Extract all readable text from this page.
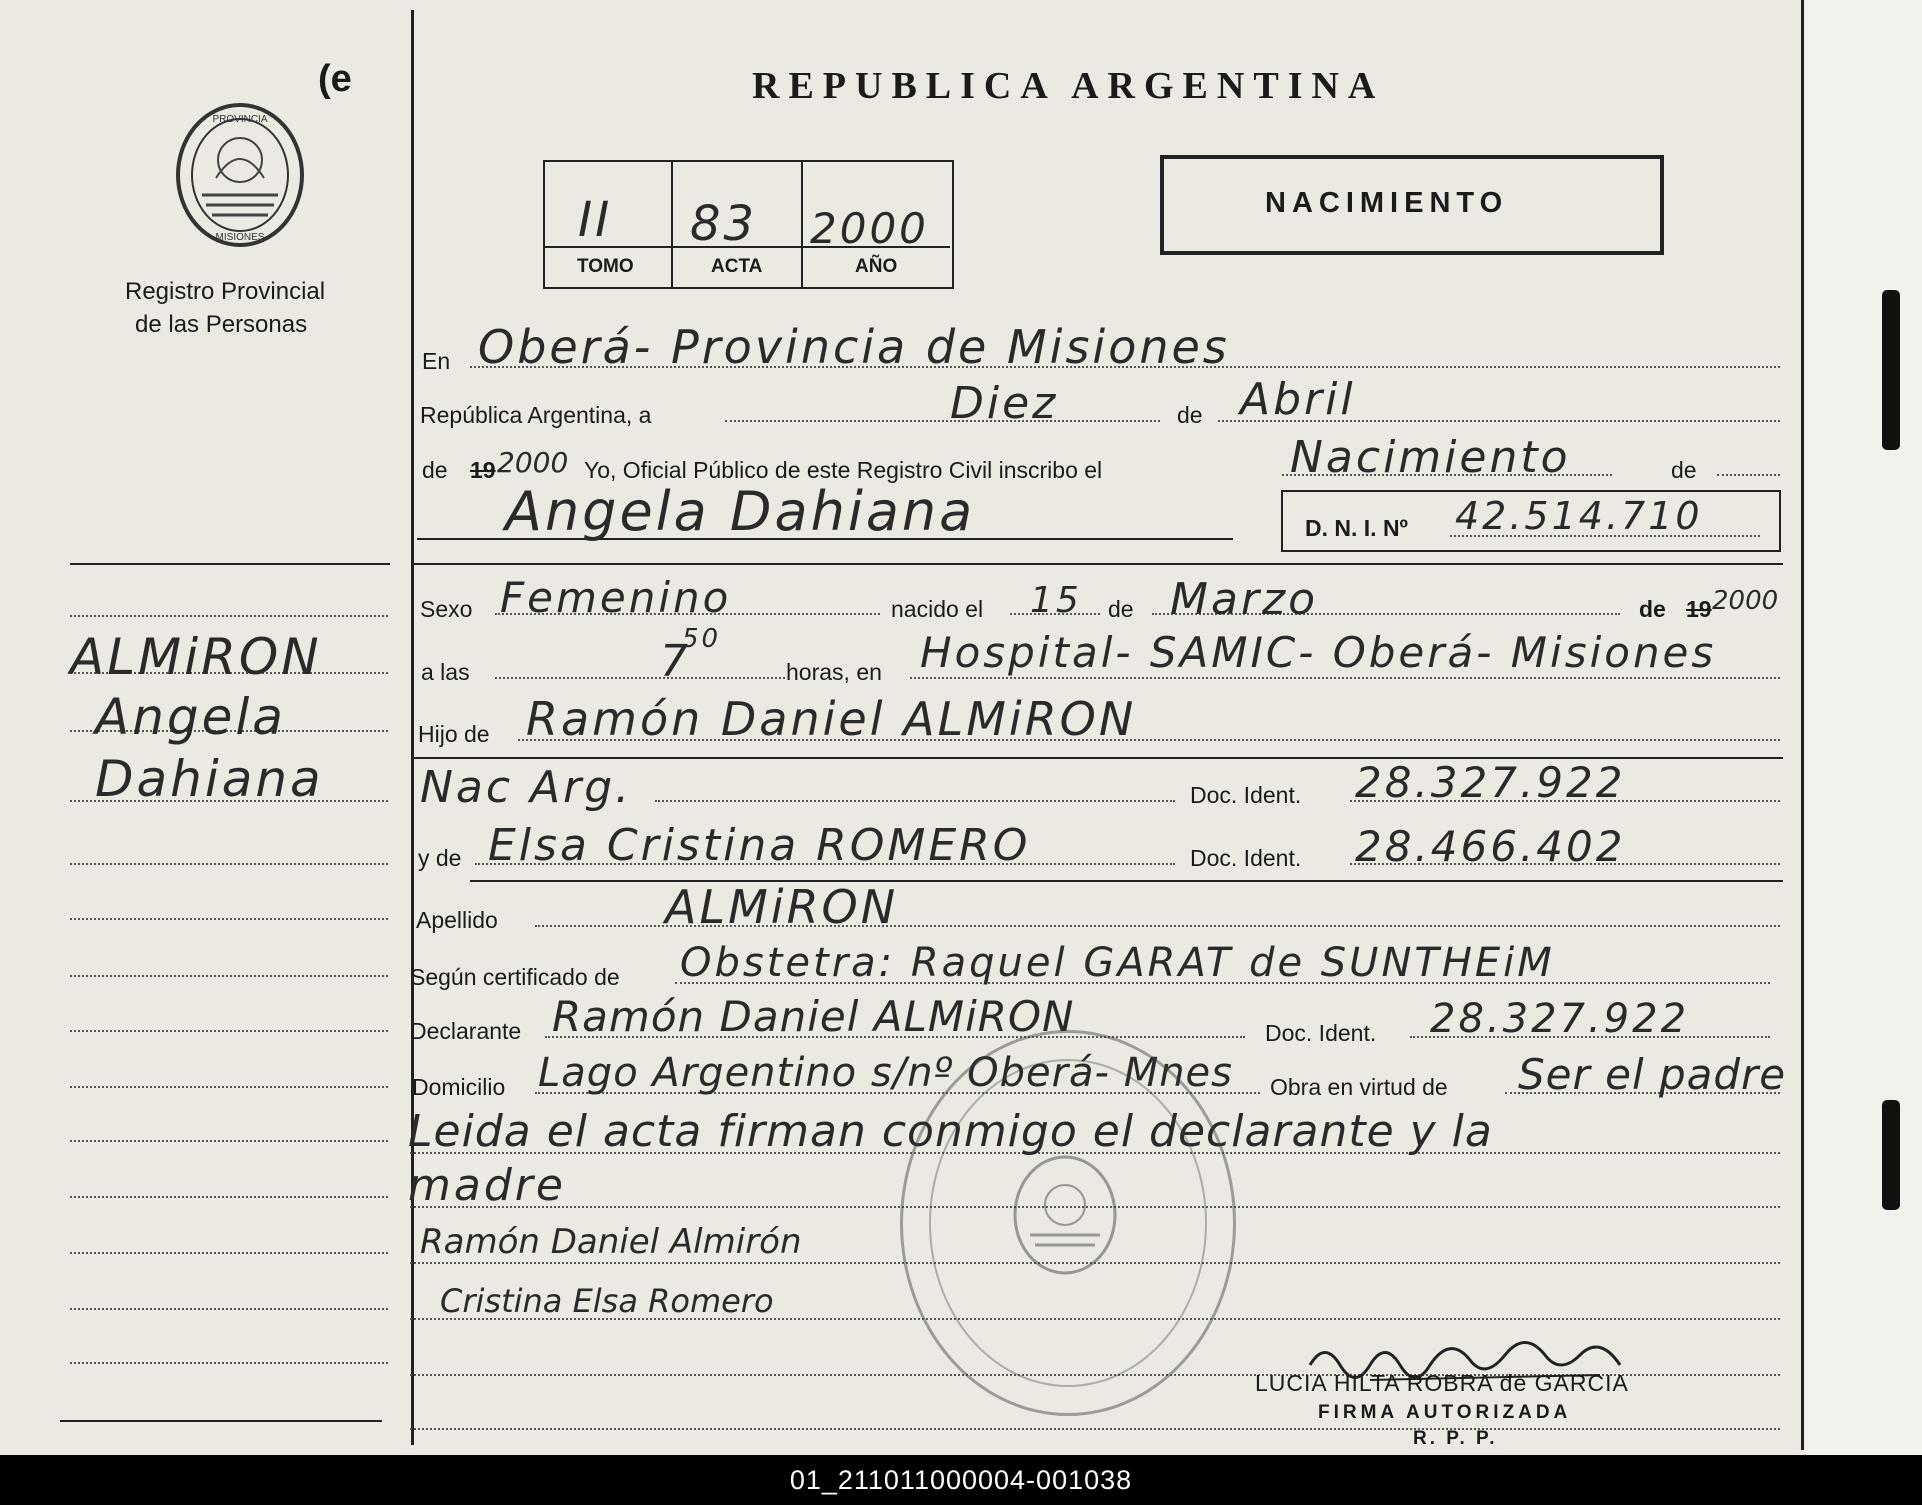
(e
PROVINCIA
MISIONES
Registro Provincial
de las Personas
REPUBLICA ARGENTINA
II 83 2000
TOMO	ACTA	AÑO
NACIMIENTO
ALMiRON
Angela
Dahiana
En Oberá- Provincia de Misiones
República Argentina, a	Diez	de Abril
de 19 2000 Yo, Oficial Público de este Registro Civil inscribo el	Nacimiento	de
Angela Dahiana	D. N. I. Nº 42.514.710
Sexo Femenino	nacido el 15 de Marzo	de 19 2000
a las	7
50
horas, en Hospital- SAMIC- Oberá- Misiones
Hijo de Ramón Daniel ALMiRON
Nac Arg.	Doc. Ident. 28.327.922
y de Elsa Cristina ROMERO	Doc. Ident. 28.466.402
Apellido	ALMiRON
Según certificado de Obstetra: Raquel GARAT de SUNTHEiM
Declarante Ramón Daniel ALMiRON	Doc. Ident. 28.327.922
Domicilio Lago Argentino s/nº Oberá- Mnes Obra en virtud de Ser el padre
Leida el acta firman conmigo el declarante y la
madre
Ramón Daniel Almirón
Cristina Elsa Romero
LUCIA HILTA ROBRA de GARCIA
FIRMA AUTORIZADA
R. P. P.
01_211011000004-001038
